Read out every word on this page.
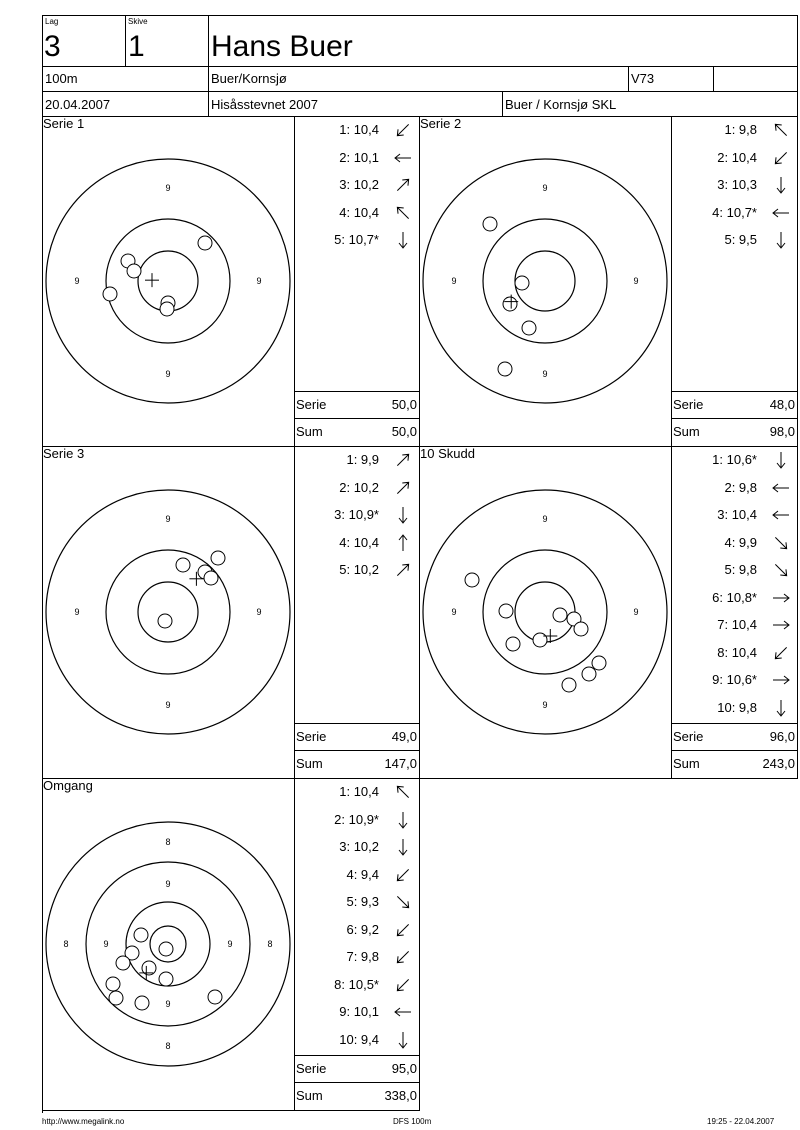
Lag
3
Skive
1 Hans Buer
100m	Buer/Kornsjø	V73
20.04.2007	Hisåsstevnet 2007	Buer / Kornsjø SKL
Serie 1
9
9
9	9
1: 10,4
2: 10,1
3: 10,2
4: 10,4
5: 10,7*
Serie	50,0
Sum	50,0
Serie 2
9
9
9	9
1: 9,8
2: 10,4
3: 10,3
4: 10,7*
5: 9,5
Serie	48,0
Sum	98,0
Serie 3
9
9
9	9
1: 9,9
2: 10,2
3: 10,9*
4: 10,4
5: 10,2
Serie	49,0
Sum	147,0
10 Skudd
9
9
9	9
1: 10,6*
2: 9,8
3: 10,4
4: 9,9
5: 9,8
6: 10,8*
7: 10,4
8: 10,4
9: 10,6*
10: 9,8
Serie	96,0
Sum	243,0
Omgang
8
9
9
9	9
8
8	8
1: 10,4
2: 10,9*
3: 10,2
4: 9,4
5: 9,3
6: 9,2
7: 9,8
8: 10,5*
9: 10,1
10: 9,4
Serie	95,0
Sum	338,0
http://www.megalink.no	DFS 100m	19:25 - 22.04.2007
